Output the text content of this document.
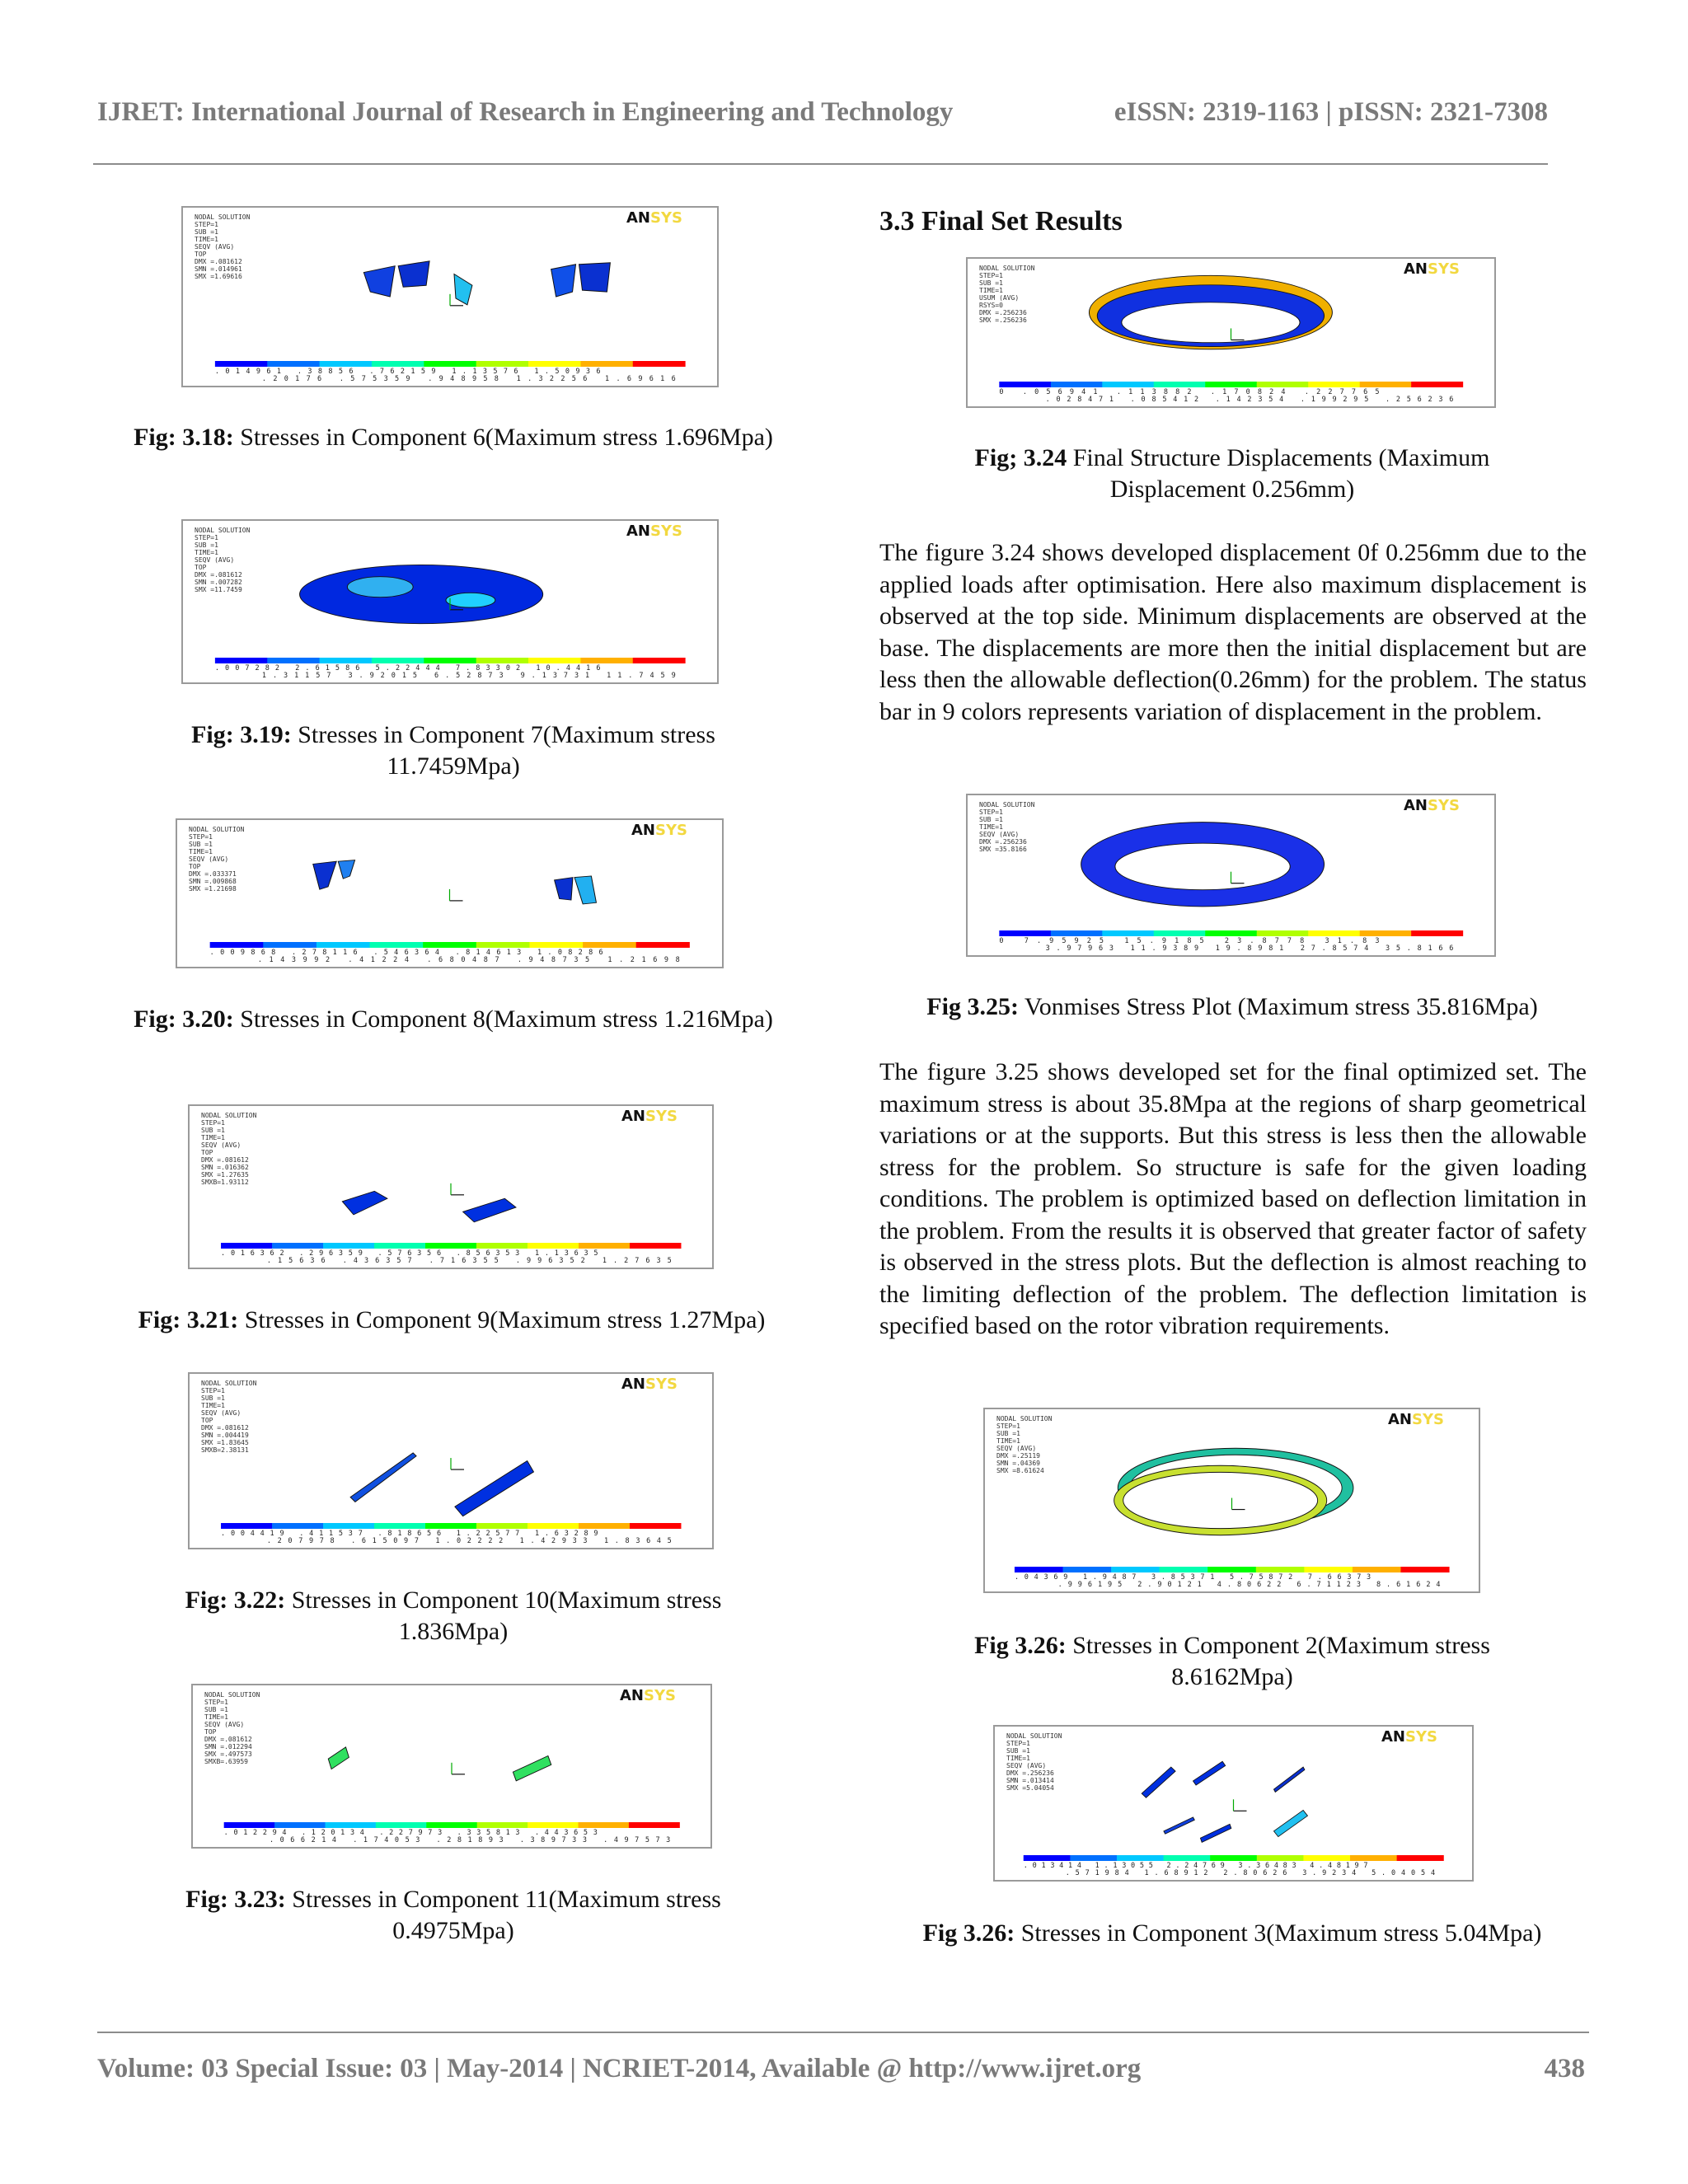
IJRET: International Journal of Research in Engineering and Technology	eISSN: 2319-1163 | pISSN: 2321-7308
NODAL SOLUTION
STEP=1
SUB =1
TIME=1
SEQV (AVG)
TOP
DMX =.081612
SMN =.014961
SMX =1.69616
ANSYS
.014961 .38856 .762159 1.13576 1.50936
.20176 .575359 .948958 1.32256 1.69616
Fig: 3.18: Stresses in Component 6(Maximum stress 1.696Mpa)
NODAL SOLUTION
STEP=1
SUB =1
TIME=1
SEQV (AVG)
TOP
DMX =.081612
SMN =.007282
SMX =11.7459
ANSYS
.007282 2.61586 5.22444 7.83302 10.4416
1.31157 3.92015 6.52873 9.13731 11.7459
Fig: 3.19: Stresses in Component 7(Maximum stress 11.7459Mpa)
NODAL SOLUTION
STEP=1
SUB =1
TIME=1
SEQV (AVG)
TOP
DMX =.033371
SMN =.009868
SMX =1.21698
ANSYS
.009868 .278116 .546364 .814613 1.08286
.143992 .41224 .680487 .948735 1.21698
Fig: 3.20: Stresses in Component 8(Maximum stress 1.216Mpa)
NODAL SOLUTION
STEP=1
SUB =1
TIME=1
SEQV (AVG)
TOP
DMX =.081612
SMN =.016362
SMX =1.27635
SMXB=1.93112
ANSYS
.016362 .296359 .576356 .856353 1.13635
.15636 .436357 .716355 .996352 1.27635
Fig: 3.21: Stresses in Component 9(Maximum stress 1.27Mpa)
NODAL SOLUTION
STEP=1
SUB =1
TIME=1
SEQV (AVG)
TOP
DMX =.081612
SMN =.004419
SMX =1.83645
SMXB=2.38131
ANSYS
.004419 .411537 .818656 1.22577 1.63289
.207978 .615097 1.02222 1.42933 1.83645
Fig: 3.22: Stresses in Component 10(Maximum stress 1.836Mpa)
NODAL SOLUTION
STEP=1
SUB =1
TIME=1
SEQV (AVG)
TOP
DMX =.081612
SMN =.012294
SMX =.497573
SMXB=.63959
ANSYS
.012294 .120134 .227973 .335813 .443653
.066214 .174053 .281893 .389733 .497573
Fig: 3.23: Stresses in Component 11(Maximum stress 0.4975Mpa)
3.3 Final Set Results
NODAL SOLUTION
STEP=1
SUB =1
TIME=1
USUM (AVG)
RSYS=0
DMX =.256236
SMX =.256236
ANSYS
0 .056941 .113882 .170824 .227765
.028471 .085412 .142354 .199295 .256236
Fig; 3.24 Final Structure Displacements (Maximum Displacement 0.256mm)
The figure 3.24 shows developed displacement 0f 0.256mm due to the applied loads after optimisation. Here also maximum displacement is observed at the top side. Minimum displacements are observed at the base. The displacements are more then the initial displacement but are less then the allowable deflection(0.26mm) for the problem. The status bar in 9 colors represents variation of displacement in the problem.
NODAL SOLUTION
STEP=1
SUB =1
TIME=1
SEQV (AVG)
DMX =.256236
SMX =35.8166
ANSYS
0 7.95925 15.9185 23.8778 31.83
3.97963 11.9389 19.8981 27.8574 35.8166
Fig 3.25: Vonmises Stress Plot (Maximum stress 35.816Mpa)
The figure 3.25 shows developed set for the final optimized set. The maximum stress is about 35.8Mpa at the regions of sharp geometrical variations or at the supports. But this stress is less then the allowable stress for the problem. So structure is safe for the given loading conditions. The problem is optimized based on deflection limitation in the problem. From the results it is observed that greater factor of safety is observed in the stress plots. But the deflection is almost reaching to the limiting deflection of the problem. The deflection limitation is specified based on the rotor vibration requirements.
NODAL SOLUTION
STEP=1
SUB =1
TIME=1
SEQV (AVG)
DMX =.25119
SMN =.04369
SMX =8.61624
ANSYS
.04369 1.9487 3.85371 5.75872 7.66373
.996195 2.90121 4.80622 6.71123 8.61624
Fig 3.26: Stresses in Component 2(Maximum stress 8.6162Mpa)
NODAL SOLUTION
STEP=1
SUB =1
TIME=1
SEQV (AVG)
DMX =.256236
SMN =.013414
SMX =5.04054
ANSYS
.013414 1.13055 2.24769 3.36483 4.48197
.571984 1.68912 2.80626 3.9234 5.04054
Fig 3.26: Stresses in Component 3(Maximum stress 5.04Mpa)
Volume: 03 Special Issue: 03 | May-2014 | NCRIET-2014, Available @ http://www.ijret.org	438
